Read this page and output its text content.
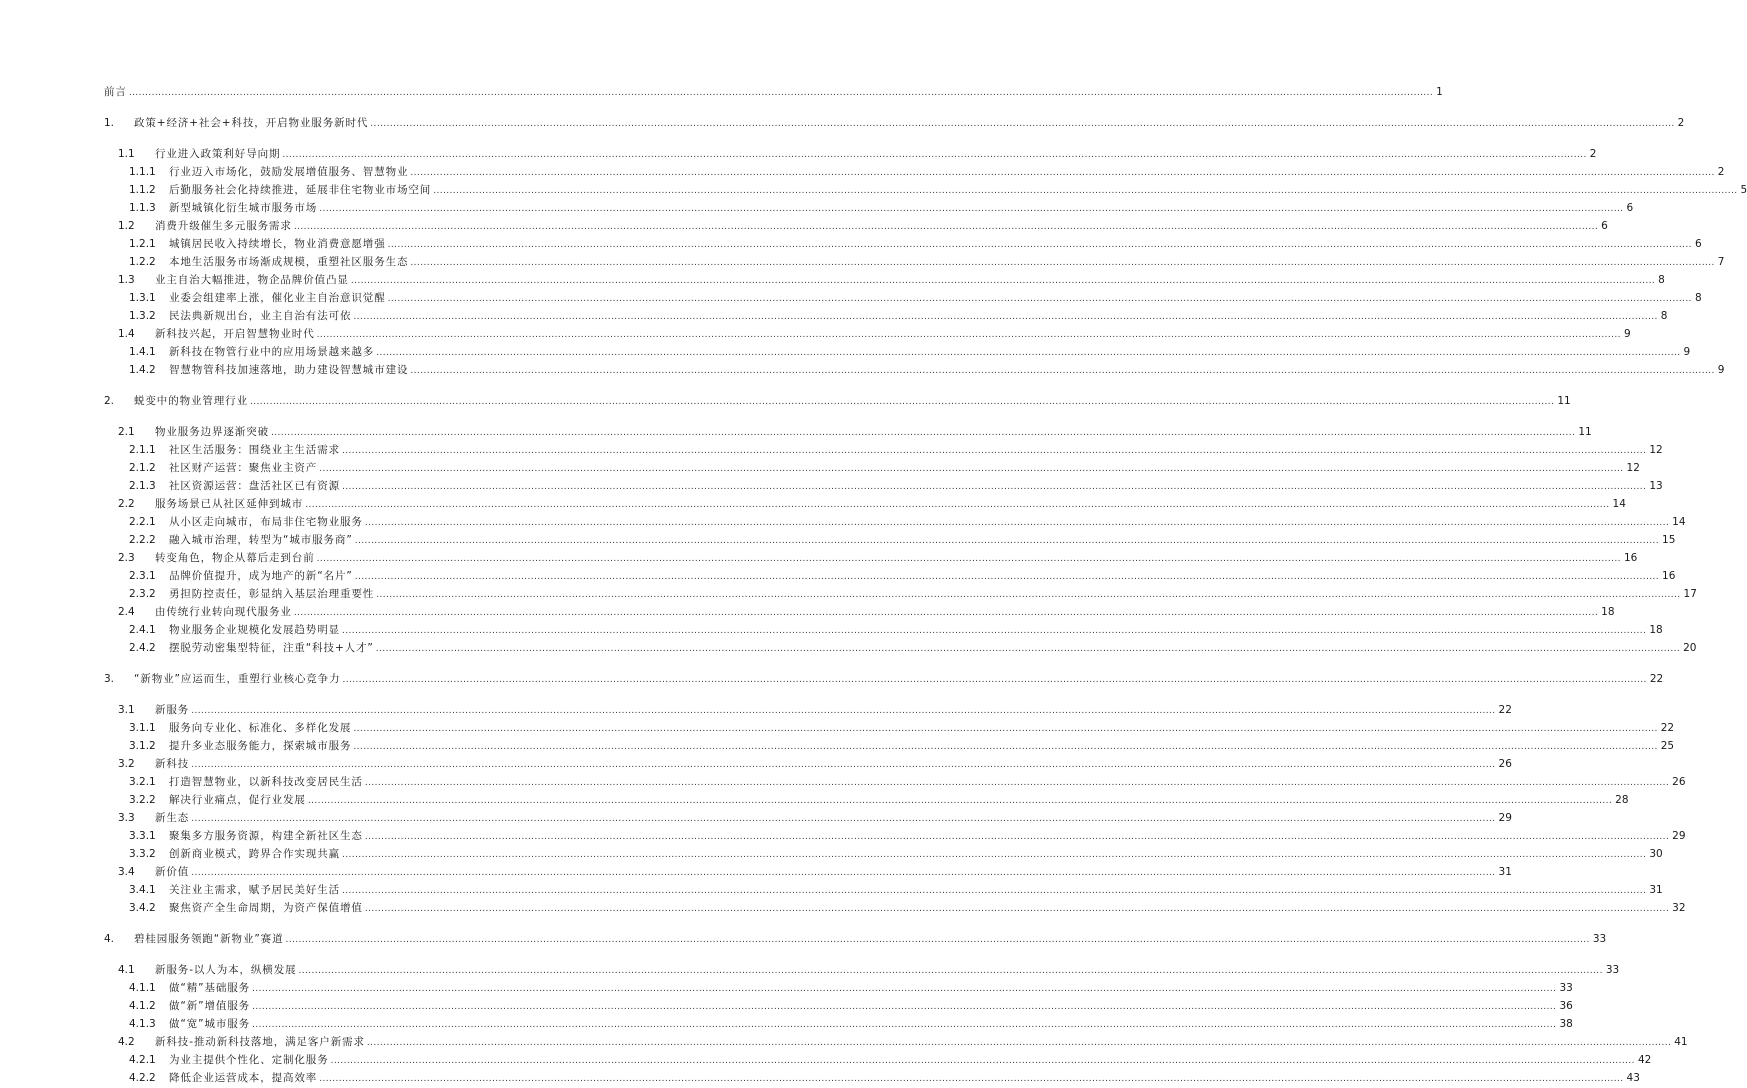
前言 ................................................................................................................................................................................................................................................................................................................................................................................................................ 1
1. 政策+经济+社会+科技，开启物业服务新时代 ................................................................................................................................................................................................................................................................................................................................................................................................................ 2
1.1 行业进入政策利好导向期 ................................................................................................................................................................................................................................................................................................................................................................................................................ 2
1.1.1 行业迈入市场化，鼓励发展增值服务、智慧物业 ................................................................................................................................................................................................................................................................................................................................................................................................................ 2
1.1.2 后勤服务社会化持续推进，延展非住宅物业市场空间 ................................................................................................................................................................................................................................................................................................................................................................................................................ 5
1.1.3 新型城镇化衍生城市服务市场 ................................................................................................................................................................................................................................................................................................................................................................................................................ 6
1.2 消费升级催生多元服务需求 ................................................................................................................................................................................................................................................................................................................................................................................................................ 6
1.2.1 城镇居民收入持续增长，物业消费意愿增强 ................................................................................................................................................................................................................................................................................................................................................................................................................ 6
1.2.2 本地生活服务市场渐成规模，重塑社区服务生态 ................................................................................................................................................................................................................................................................................................................................................................................................................ 7
1.3 业主自治大幅推进，物企品牌价值凸显 ................................................................................................................................................................................................................................................................................................................................................................................................................ 8
1.3.1 业委会组建率上涨，催化业主自治意识觉醒 ................................................................................................................................................................................................................................................................................................................................................................................................................ 8
1.3.2 民法典新规出台，业主自治有法可依 ................................................................................................................................................................................................................................................................................................................................................................................................................ 8
1.4 新科技兴起，开启智慧物业时代 ................................................................................................................................................................................................................................................................................................................................................................................................................ 9
1.4.1 新科技在物管行业中的应用场景越来越多 ................................................................................................................................................................................................................................................................................................................................................................................................................ 9
1.4.2 智慧物管科技加速落地，助力建设智慧城市建设 ................................................................................................................................................................................................................................................................................................................................................................................................................ 9
2. 蜕变中的物业管理行业 ................................................................................................................................................................................................................................................................................................................................................................................................................ 11
2.1 物业服务边界逐渐突破 ................................................................................................................................................................................................................................................................................................................................................................................................................ 11
2.1.1 社区生活服务：围绕业主生活需求 ................................................................................................................................................................................................................................................................................................................................................................................................................ 12
2.1.2 社区财产运营：聚焦业主资产 ................................................................................................................................................................................................................................................................................................................................................................................................................ 12
2.1.3 社区资源运营：盘活社区已有资源 ................................................................................................................................................................................................................................................................................................................................................................................................................ 13
2.2 服务场景已从社区延伸到城市 ................................................................................................................................................................................................................................................................................................................................................................................................................ 14
2.2.1 从小区走向城市，布局非住宅物业服务 ................................................................................................................................................................................................................................................................................................................................................................................................................ 14
2.2.2 融入城市治理，转型为“城市服务商” ................................................................................................................................................................................................................................................................................................................................................................................................................ 15
2.3 转变角色，物企从幕后走到台前 ................................................................................................................................................................................................................................................................................................................................................................................................................ 16
2.3.1 品牌价值提升，成为地产的新“名片” ................................................................................................................................................................................................................................................................................................................................................................................................................ 16
2.3.2 勇担防控责任，彰显纳入基层治理重要性 ................................................................................................................................................................................................................................................................................................................................................................................................................ 17
2.4 由传统行业转向现代服务业 ................................................................................................................................................................................................................................................................................................................................................................................................................ 18
2.4.1 物业服务企业规模化发展趋势明显 ................................................................................................................................................................................................................................................................................................................................................................................................................ 18
2.4.2 摆脱劳动密集型特征，注重“科技+人才” ................................................................................................................................................................................................................................................................................................................................................................................................................ 20
3. “新物业”应运而生，重塑行业核心竞争力 ................................................................................................................................................................................................................................................................................................................................................................................................................ 22
3.1 新服务 ................................................................................................................................................................................................................................................................................................................................................................................................................ 22
3.1.1 服务向专业化、标准化、多样化发展 ................................................................................................................................................................................................................................................................................................................................................................................................................ 22
3.1.2 提升多业态服务能力，探索城市服务 ................................................................................................................................................................................................................................................................................................................................................................................................................ 25
3.2 新科技 ................................................................................................................................................................................................................................................................................................................................................................................................................ 26
3.2.1 打造智慧物业，以新科技改变居民生活 ................................................................................................................................................................................................................................................................................................................................................................................................................ 26
3.2.2 解决行业痛点，促行业发展 ................................................................................................................................................................................................................................................................................................................................................................................................................ 28
3.3 新生态 ................................................................................................................................................................................................................................................................................................................................................................................................................ 29
3.3.1 聚集多方服务资源，构建全新社区生态 ................................................................................................................................................................................................................................................................................................................................................................................................................ 29
3.3.2 创新商业模式，跨界合作实现共赢 ................................................................................................................................................................................................................................................................................................................................................................................................................ 30
3.4 新价值 ................................................................................................................................................................................................................................................................................................................................................................................................................ 31
3.4.1 关注业主需求，赋予居民美好生活 ................................................................................................................................................................................................................................................................................................................................................................................................................ 31
3.4.2 聚焦资产全生命周期，为资产保值增值 ................................................................................................................................................................................................................................................................................................................................................................................................................ 32
4. 碧桂园服务领跑“新物业”赛道 ................................................................................................................................................................................................................................................................................................................................................................................................................ 33
4.1 新服务-以人为本，纵横发展 ................................................................................................................................................................................................................................................................................................................................................................................................................ 33
4.1.1 做“精”基础服务 ................................................................................................................................................................................................................................................................................................................................................................................................................ 33
4.1.2 做“新”增值服务 ................................................................................................................................................................................................................................................................................................................................................................................................................ 36
4.1.3 做“宽”城市服务 ................................................................................................................................................................................................................................................................................................................................................................................................................ 38
4.2 新科技-推动新科技落地，满足客户新需求 ................................................................................................................................................................................................................................................................................................................................................................................................................ 41
4.2.1 为业主提供个性化、定制化服务 ................................................................................................................................................................................................................................................................................................................................................................................................................ 42
4.2.2 降低企业运营成本，提高效率 ................................................................................................................................................................................................................................................................................................................................................................................................................ 43
